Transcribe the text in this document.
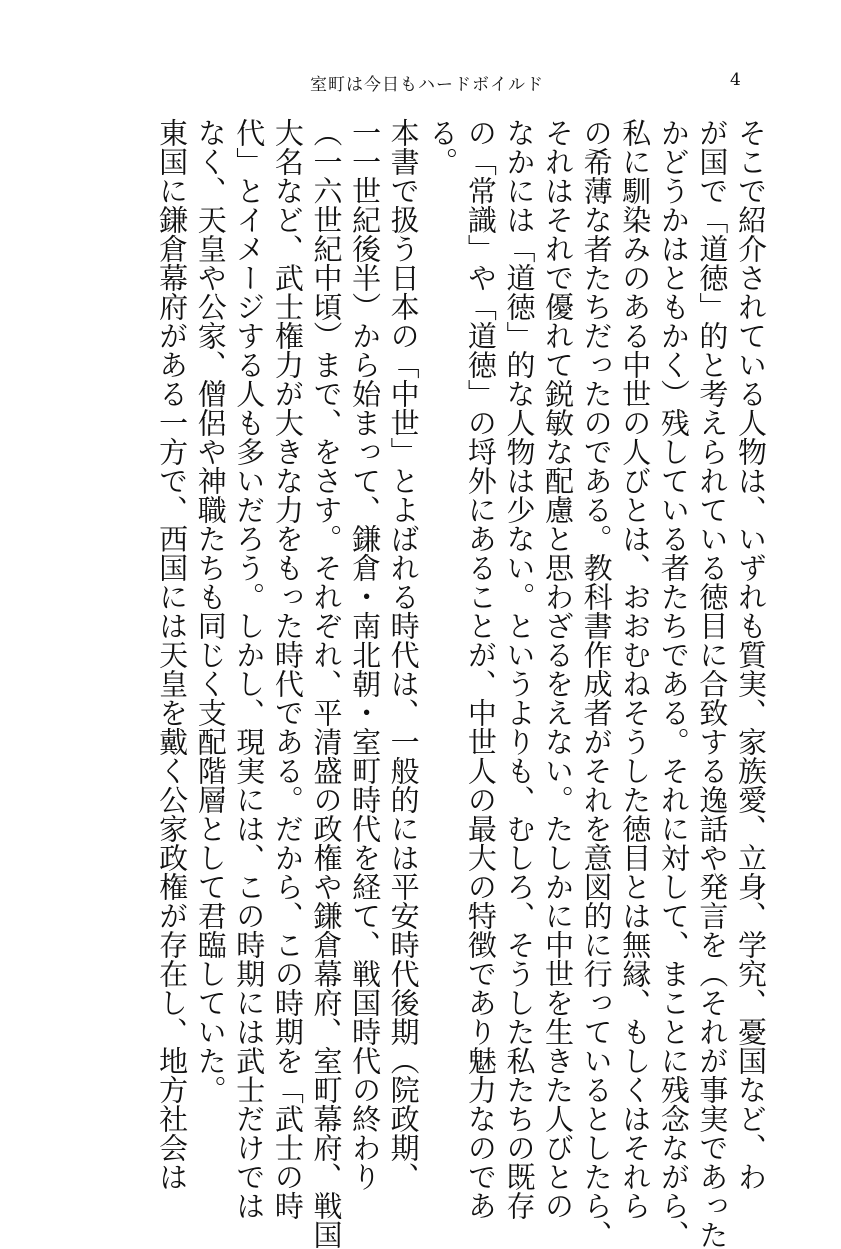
室町は今日もハードボイルド	4

そこで紹介されている人物は、いずれも質実、家族愛、立身、学究、憂国など、わ
が国で「道徳」的と考えられている徳目に合致する逸話や発言を（それが事実であった
かどうかはともかく）残している者たちである。それに対して、まことに残念ながら、
私に馴染みのある中世の人びとは、おおむねそうした徳目とは無縁、もしくはそれら
の希薄な者たちだったのである。教科書作成者がそれを意図的に行っているとしたら、
それはそれで優れて鋭敏な配慮と思わざるをえない。たしかに中世を生きた人びとの
なかには「道徳」的な人物は少ない。というよりも、むしろ、そうした私たちの既存
の「常識」や「道徳」の埒外にあることが、中世人の最大の特徴であり魅力なのであ
る。

本書で扱う日本の「中世」とよばれる時代は、一般的には平安時代後期（院政期、
一一世紀後半）から始まって、鎌倉・南北朝・室町時代を経て、戦国時代の終わり
（一六世紀中頃）まで、をさす。それぞれ、平清盛の政権や鎌倉幕府、室町幕府、戦国
大名など、武士権力が大きな力をもった時代である。だから、この時期を「武士の時
代」とイメージする人も多いだろう。しかし、現実には、この時期には武士だけでは
なく、天皇や公家、僧侶や神職たちも同じく支配階層として君臨していた。

東国に鎌倉幕府がある一方で、西国には天皇を戴く公家政権が存在し、地方社会は
